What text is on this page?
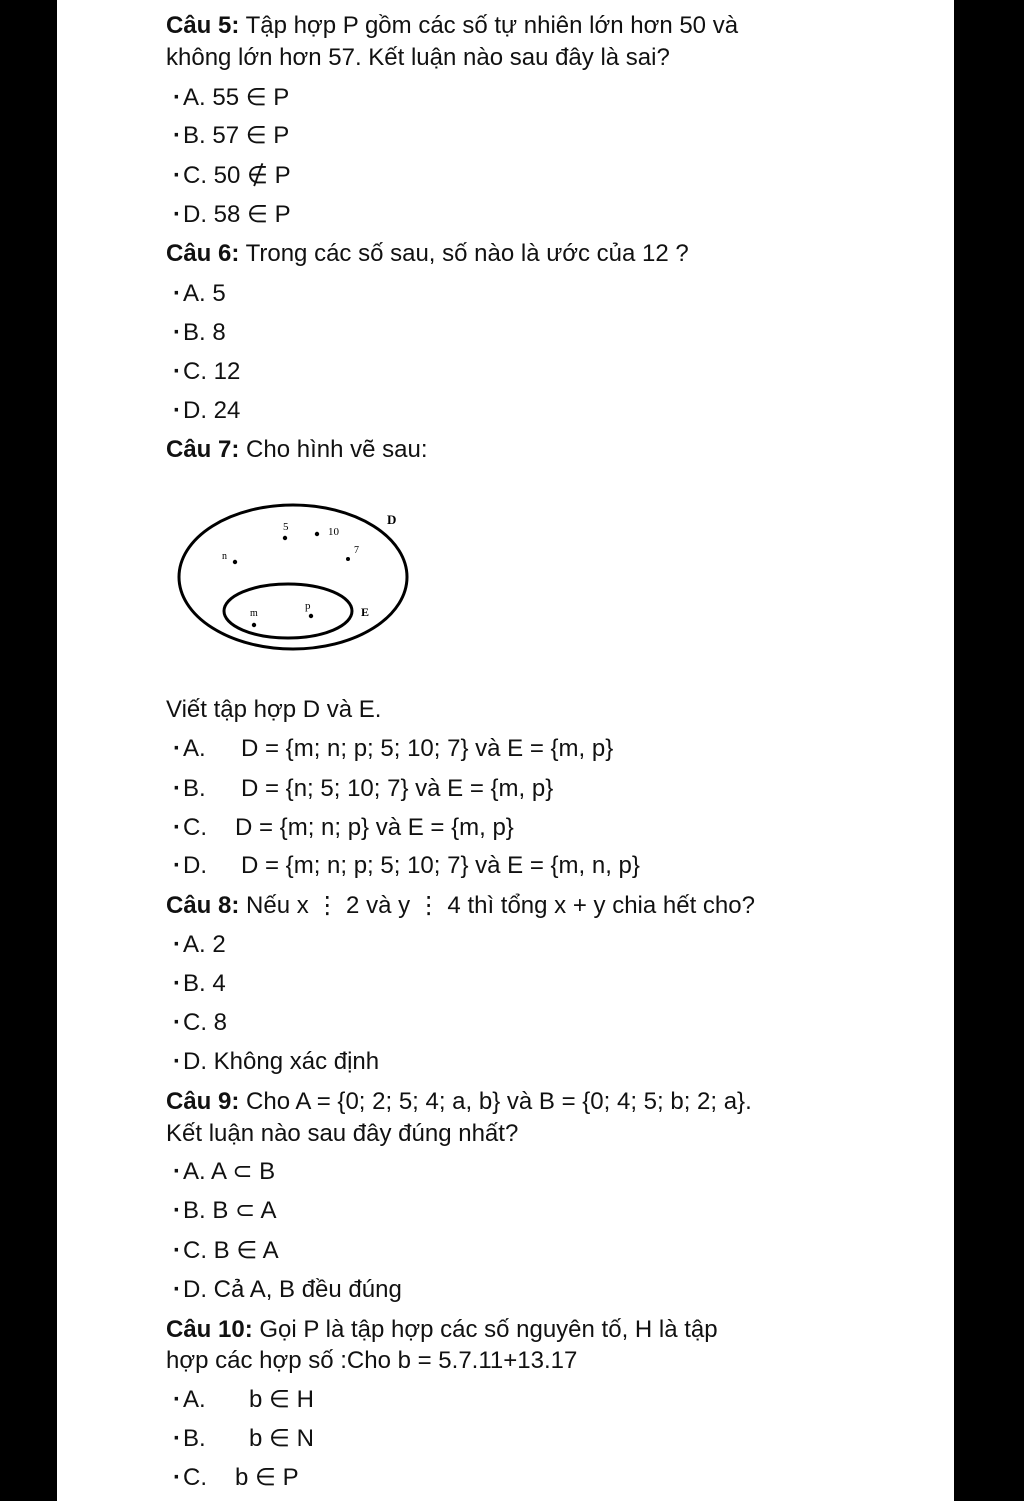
Câu 5: Tập hợp P gồm các số tự nhiên lớn hơn 50 và
không lớn hơn 57. Kết luận nào sau đây là sai?
·A. 55 ∈ P
·B. 57 ∈ P
·C. 50 ∉ P
·D. 58 ∈ P
Câu 6: Trong các số sau, số nào là ước của 12 ?
·A. 5
·B. 8
·C. 12
·D. 24
Câu 7: Cho hình vẽ sau:
D
E
5	10
7
n
m
p
Viết tập hợp D và E.
·A. D = {m; n; p; 5; 10; 7} và E = {m, p}
·B. D = {n; 5; 10; 7} và E = {m, p}
·C. D = {m; n; p} và E = {m, p}
·D. D = {m; n; p; 5; 10; 7} và E = {m, n, p}
Câu 8: Nếu x ⋮ 2 và y ⋮ 4 thì tổng x + y chia hết cho?
·A. 2
·B. 4
·C. 8
·D. Không xác định
Câu 9: Cho A = {0; 2; 5; 4; a, b} và B = {0; 4; 5; b; 2; a}.
Kết luận nào sau đây đúng nhất?
·A. A ⊂ B
·B. B ⊂ A
·C. B ∈ A
·D. Cả A, B đều đúng
Câu 10: Gọi P là tập hợp các số nguyên tố, H là tập
hợp các hợp số :Cho b = 5.7.11+13.17
·A. b ∈ H
·B. b ∈ N
·C. b ∈ P
